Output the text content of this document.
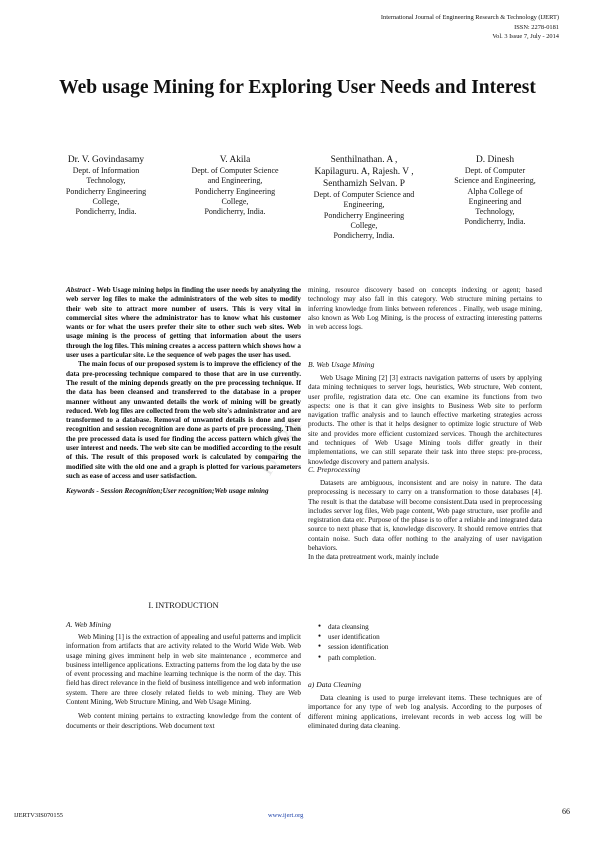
International Journal of Engineering Research & Technology (IJERT)
ISSN: 2278-0181
Vol. 3 Issue 7, July - 2014
Web usage Mining for Exploring User Needs and Interest
Dr. V. Govindasamy
Dept. of Information
Technology,
Pondicherry Engineering
College,
Pondicherry, India.
V. Akila
Dept. of Computer Science
and Engineering,
Pondicherry Engineering
College,
Pondicherry, India.
Senthilnathan. A ,
Kapilaguru. A, Rajesh. V ,
Senthamizh Selvan. P
Dept. of Computer Science and
Engineering,
Pondicherry Engineering
College,
Pondicherry, India.
D. Dinesh
Dept. of Computer
Science and Engineering,
Alpha College of
Engineering and
Technology,
Pondicherry, India.
IJERT
Abstract - Web Usage mining helps in finding the user needs by analyzing the web server log files to make the administrators of the web sites to modify their web site to attract more number of users. This is very vital in commercial sites where the administrator has to know what his customer wants or for what the users prefer their site to other such web sites. Web usage mining is the process of getting that information about the users through the log files. This mining creates a access pattern which shows how a user uses a particular site. i.e the sequence of web pages the user has used.
The main focus of our proposed system is to improve the efficiency of the data pre-processing technique compared to those that are in use currently. The result of the mining depends greatly on the pre processing technique. If the data has been cleansed and transferred to the database in a proper manner without any unwanted details the work of mining will be greatly reduced. Web log files are collected from the web site's administrator and are transformed to a database. Removal of unwanted details is done and user recognition and session recognition are done as parts of pre processing. Then the pre processed data is used for finding the access pattern which gives the user interest and needs. The web site can be modified according to the result of this. The result of this proposed work is calculated by comparing the modified site with the old one and a graph is plotted for various parameters such as ease of access and user satisfaction.
Keywords - Session Recognition;User recognition;Web usage mining
I. INTRODUCTION
A. Web Mining
Web Mining [1] is the extraction of appealing and useful patterns and implicit information from artifacts that are activity related to the World Wide Web. Web usage mining gives imminent help in web site maintenance , ecommerce and business intelligence applications. Extracting patterns from the log data by the use of event processing and machine learning technique is the norm of the day. This field has direct relevance in the field of business intelligence and web information system. There are three closely related fields to web mining. They are Web Content Mining, Web Structure Mining, and Web Usage Mining.
Web content mining pertains to extracting knowledge from the content of documents or their descriptions. Web document text
mining, resource discovery based on concepts indexing or agent; based technology may also fall in this category. Web structure mining pertains to inferring knowledge from links between references . Finally, web usage mining, also known as Web Log Mining, is the process of extracting interesting patterns in web access logs.
B. Web Usage Mining
Web Usage Mining [2] [3] extracts navigation patterns of users by applying data mining techniques to server logs, heuristics, Web structure, Web content, user profile, registration data etc. One can examine its functions from two aspects: one is that it can give insights to Business Web site to perform navigation traffic analysis and to launch effective marketing strategies across products. The other is that it helps designer to optimize logic structure of Web site and provides more efficient customized services. Though the architectures and techniques of Web Usage Mining tools differ greatly in their implementations, we can still separate their task into three steps: pre-process, knowledge discovery and pattern analysis.
C. Preprocessing
Datasets are ambiguous, inconsistent and are noisy in nature. The data preprocessing is necessary to carry on a transformation to those databases [4]. The result is that the database will become consistent.Data used in preprocessing includes server log files, Web page content, Web page structure, user profile and registration data etc. Purpose of the phase is to offer a reliable and integrated data source to next phase that is, knowledge discovery. It should remove entries that contain noise. Such data offer nothing to the analyzing of user navigation behaviors.
In the data pretreatment work, mainly include
● data cleansing
● user identification
● session identification
● path completion.
a) Data Cleaning
Data cleaning is used to purge irrelevant items. These techniques are of importance for any type of web log analysis. According to the purposes of different mining applications, irrelevant records in web access log will be eliminated during data cleaning.
IJERTV3IS070155	www.ijert.org	66
